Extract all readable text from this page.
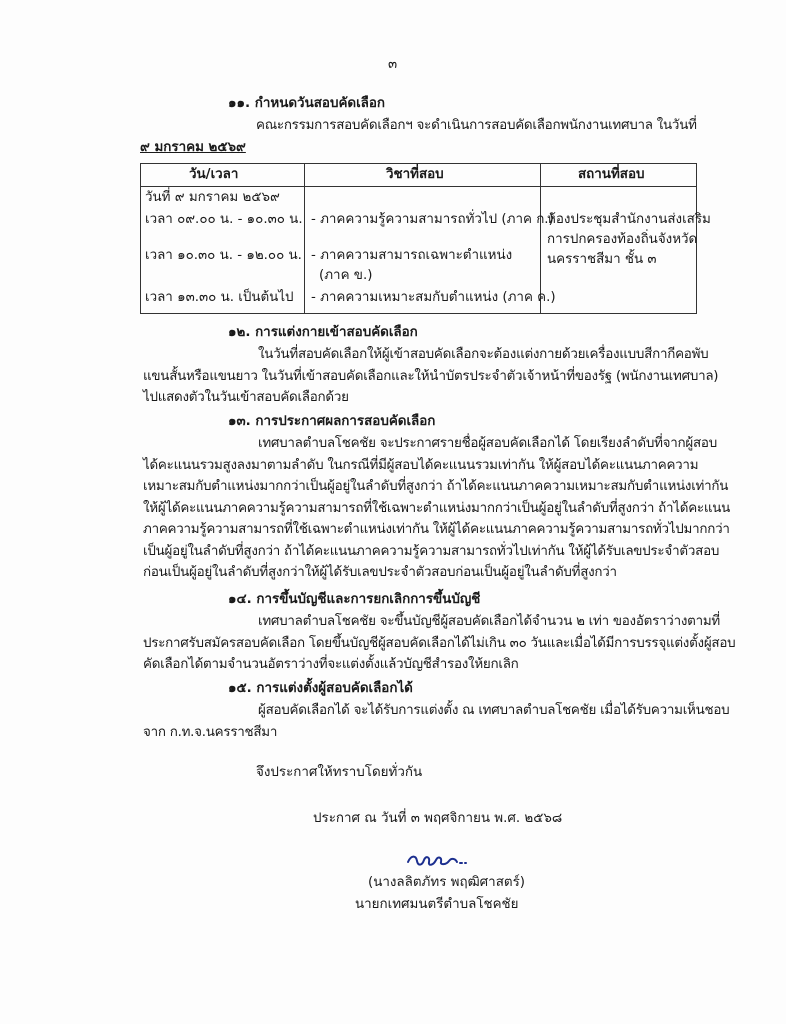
๓
๑๑. กำหนดวันสอบคัดเลือก
คณะกรรมการสอบคัดเลือกฯ จะดำเนินการสอบคัดเลือกพนักงานเทศบาล ในวันที่
๙ มกราคม ๒๕๖๙
วัน/เวลา	วิชาที่สอบ	สถานที่สอบ
วันที่ ๙ มกราคม ๒๕๖๙
เวลา ๐๙.๐๐ น. - ๑๐.๓๐ น.
เวลา ๑๐.๓๐ น. - ๑๒.๐๐ น.
เวลา ๑๓.๓๐ น. เป็นต้นไป
- ภาคความรู้ความสามารถทั่วไป (ภาค ก.)
- ภาคความสามารถเฉพาะตำแหน่ง
(ภาค ข.)
- ภาคความเหมาะสมกับตำแหน่ง (ภาค ค.)
ห้องประชุมสำนักงานส่งเสริม
การปกครองท้องถิ่นจังหวัด
นครราชสีมา ชั้น ๓
๑๒. การแต่งกายเข้าสอบคัดเลือก
ในวันที่สอบคัดเลือกให้ผู้เข้าสอบคัดเลือกจะต้องแต่งกายด้วยเครื่องแบบสีกากีคอพับ
แขนสั้นหรือแขนยาว ในวันที่เข้าสอบคัดเลือกและให้นำบัตรประจำตัวเจ้าหน้าที่ของรัฐ (พนักงานเทศบาล)
ไปแสดงตัวในวันเข้าสอบคัดเลือกด้วย
๑๓. การประกาศผลการสอบคัดเลือก
เทศบาลตำบลโชคชัย จะประกาศรายชื่อผู้สอบคัดเลือกได้ โดยเรียงลำดับที่จากผู้สอบ
ได้คะแนนรวมสูงลงมาตามลำดับ ในกรณีที่มีผู้สอบได้คะแนนรวมเท่ากัน ให้ผู้สอบได้คะแนนภาคความ
เหมาะสมกับตำแหน่งมากกว่าเป็นผู้อยู่ในลำดับที่สูงกว่า ถ้าได้คะแนนภาคความเหมาะสมกับตำแหน่งเท่ากัน
ให้ผู้ได้คะแนนภาคความรู้ความสามารถที่ใช้เฉพาะตำแหน่งมากกว่าเป็นผู้อยู่ในลำดับที่สูงกว่า ถ้าได้คะแนน
ภาคความรู้ความสามารถที่ใช้เฉพาะตำแหน่งเท่ากัน ให้ผู้ได้คะแนนภาคความรู้ความสามารถทั่วไปมากกว่า
เป็นผู้อยู่ในลำดับที่สูงกว่า ถ้าได้คะแนนภาคความรู้ความสามารถทั่วไปเท่ากัน ให้ผู้ได้รับเลขประจำตัวสอบ
ก่อนเป็นผู้อยู่ในลำดับที่สูงกว่าให้ผู้ได้รับเลขประจำตัวสอบก่อนเป็นผู้อยู่ในลำดับที่สูงกว่า
๑๔. การขึ้นบัญชีและการยกเลิกการขึ้นบัญชี
เทศบาลตำบลโชคชัย จะขึ้นบัญชีผู้สอบคัดเลือกได้จำนวน ๒ เท่า ของอัตราว่างตามที่
ประกาศรับสมัครสอบคัดเลือก โดยขึ้นบัญชีผู้สอบคัดเลือกได้ไม่เกิน ๓๐ วันและเมื่อได้มีการบรรจุแต่งตั้งผู้สอบ
คัดเลือกได้ตามจำนวนอัตราว่างที่จะแต่งตั้งแล้วบัญชีสำรองให้ยกเลิก
๑๕. การแต่งตั้งผู้สอบคัดเลือกได้
ผู้สอบคัดเลือกได้ จะได้รับการแต่งตั้ง ณ เทศบาลตำบลโชคชัย เมื่อได้รับความเห็นชอบ
จาก ก.ท.จ.นครราชสีมา
จึงประกาศให้ทราบโดยทั่วกัน
ประกาศ ณ วันที่ ๓ พฤศจิกายน พ.ศ. ๒๕๖๘
(นางลลิตภัทร พฤฒิศาสตร์)
นายกเทศมนตรีตำบลโชคชัย
